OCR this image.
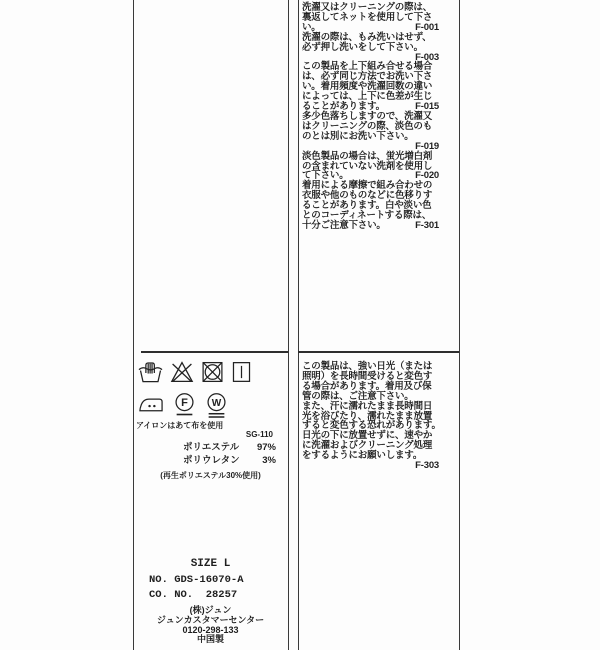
洗濯又はクリーニングの際は、
裏返してネットを使用して下さ
い。	F-001
洗濯の際は、もみ洗いはせず、
必ず押し洗いをして下さい。
F-003
この製品を上下組み合せる場合
は、必ず同じ方法でお洗い下さ
い。着用頻度や洗濯回数の違い
によっては、上下に色差が生じ
ることがあります。	F-015
多少色落ちしますので、洗濯又
はクリーニングの際、淡色のも
のとは別にお洗い下さい。
F-019
淡色製品の場合は、蛍光増白剤
の含まれていない洗剤を使用し
て下さい。	F-020
着用による摩擦で組み合わせの
衣服や他のものなどに色移りす
ることがあります。白や淡い色
とのコーディネートする際は、
十分ご注意下さい。	F-301
この製品は、強い日光（または
照明）を長時間受けると変色す
る場合があります。着用及び保
管の際は、ご注意下さい。
また、汗に濡れたまま長時間日
光を浴びたり、濡れたまま放置
すると変色する恐れがあります。
日光の下に放置せずに、速やか
に洗濯およびクリーニング処理
をするようにお願いします。
F-303
F W
アイロンはあて布を使用
SG-110
ポリエステル 97%
ポリウレタン 3%
(再生ポリエステル30%使用)
SIZE L
NO. GDS-16070-A
CO. NO.  28257
(株)ジュン
ジュンカスタマーセンター
0120-298-133
中国製
